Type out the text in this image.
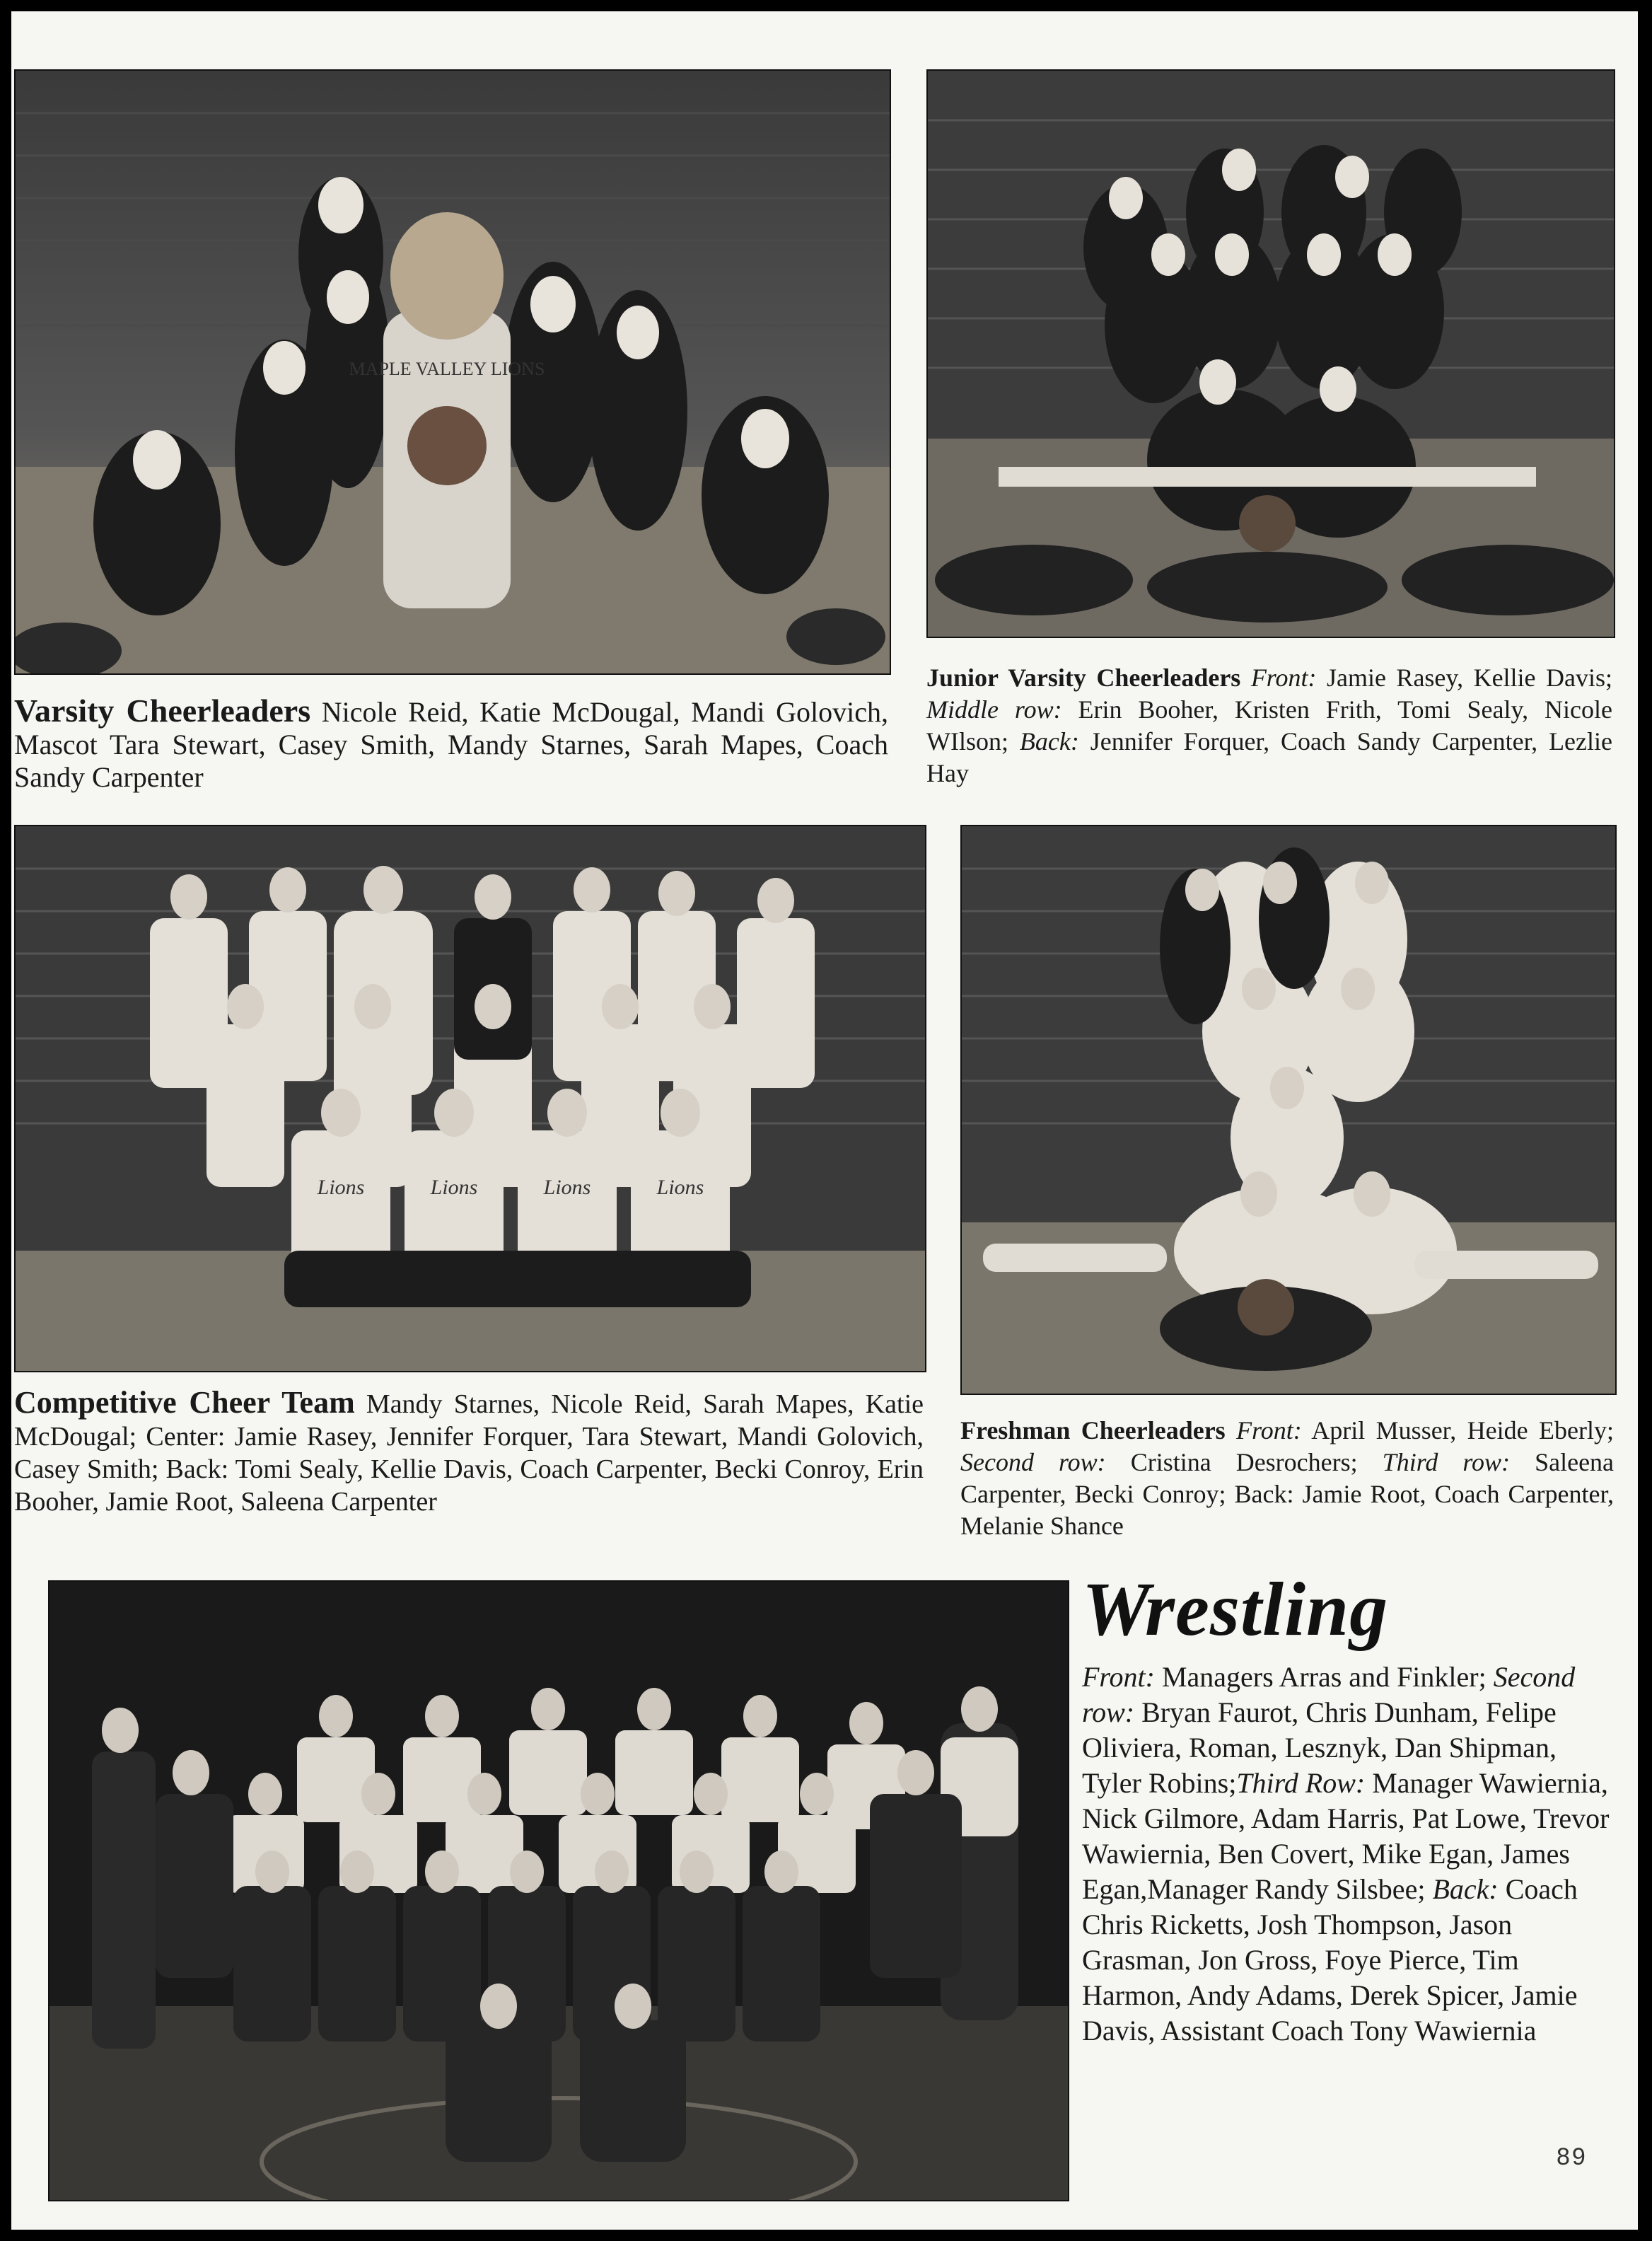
MAPLE VALLEY LIONS

Varsity Cheerleaders Nicole Reid, Katie McDougal, Mandi Golovich, Mascot Tara Stewart, Casey Smith, Mandy Starnes, Sarah Mapes, Coach Sandy Carpenter

Junior Varsity Cheerleaders Front: Jamie Rasey, Kellie Davis; Middle row: Erin Booher, Kristen Frith, Tomi Sealy, Nicole WIlson; Back: Jennifer Forquer, Coach Sandy Carpenter, Lezlie Hay

Lions	Lions	Lions	Lions

Competitive Cheer Team Mandy Starnes, Nicole Reid, Sarah Mapes, Katie McDougal; Center: Jamie Rasey, Jennifer Forquer, Tara Stewart, Mandi Golovich, Casey Smith; Back: Tomi Sealy, Kellie Davis, Coach Carpenter, Becki Conroy, Erin Booher, Jamie Root, Saleena Carpenter

Freshman Cheerleaders Front: April Musser, Heide Eberly; Second row: Cristina Desrochers; Third row: Saleena Carpenter, Becki Conroy; Back: Jamie Root, Coach Carpenter, Melanie Shance

Wrestling

Front: Managers Arras and Finkler; Second row: Bryan Faurot, Chris Dunham, Felipe Oliviera, Roman, Lesznyk, Dan Shipman, Tyler Robins;Third Row: Manager Wawiernia, Nick Gilmore, Adam Harris, Pat Lowe, Trevor Wawiernia, Ben Covert, Mike Egan, James Egan,Manager Randy Silsbee; Back: Coach Chris Ricketts, Josh Thompson, Jason Grasman, Jon Gross, Foye Pierce, Tim Harmon, Andy Adams, Derek Spicer, Jamie Davis, Assistant Coach Tony Wawiernia

89
